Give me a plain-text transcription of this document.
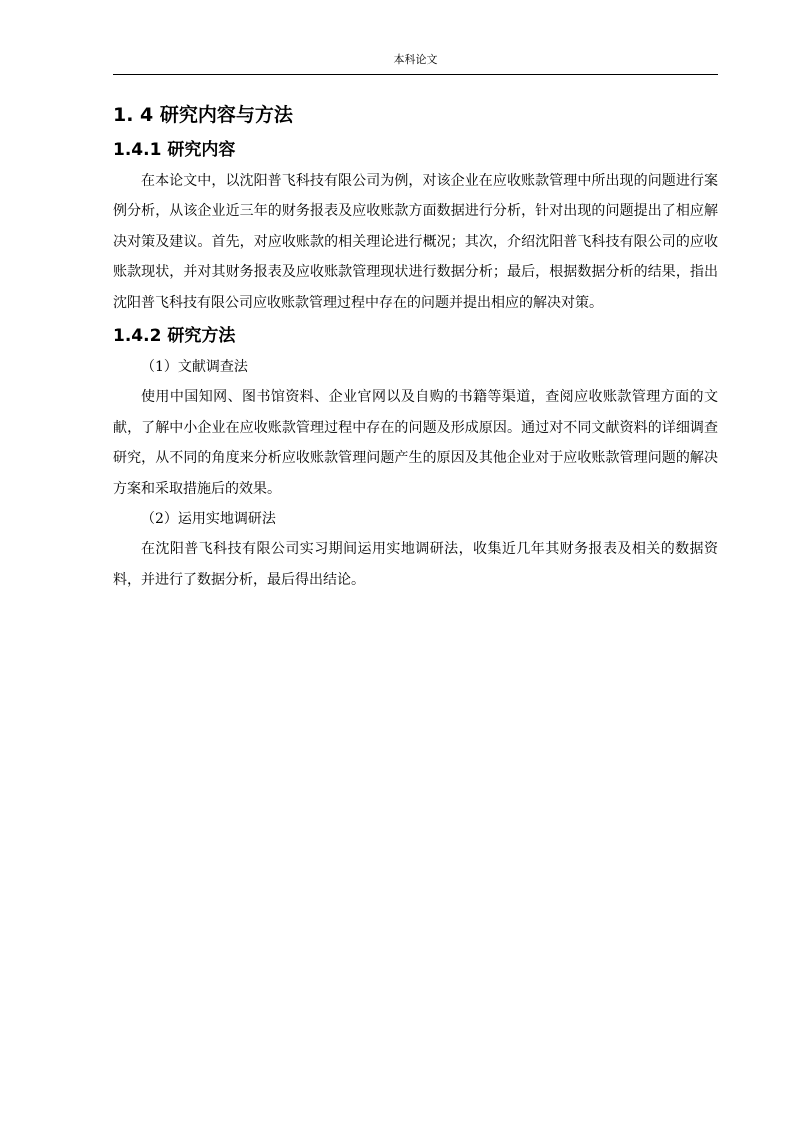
本科论文
1. 4 研究内容与方法
1.4.1 研究内容

在本论文中，以沈阳普飞科技有限公司为例，对该企业在应收账款管理中所出现的问题进行案例分析，从该企业近三年的财务报表及应收账款方面数据进行分析，针对出现的问题提出了相应解决对策及建议。首先，对应收账款的相关理论进行概况；其次，介绍沈阳普飞科技有限公司的应收账款现状，并对其财务报表及应收账款管理现状进行数据分析；最后，根据数据分析的结果，指出沈阳普飞科技有限公司应收账款管理过程中存在的问题并提出相应的解决对策。

1.4.2 研究方法

（1）文献调查法

使用中国知网、图书馆资料、企业官网以及自购的书籍等渠道，查阅应收账款管理方面的文献，了解中小企业在应收账款管理过程中存在的问题及形成原因。通过对不同文献资料的详细调查研究，从不同的角度来分析应收账款管理问题产生的原因及其他企业对于应收账款管理问题的解决方案和采取措施后的效果。

（2）运用实地调研法

在沈阳普飞科技有限公司实习期间运用实地调研法，收集近几年其财务报表及相关的数据资料，并进行了数据分析，最后得出结论。
